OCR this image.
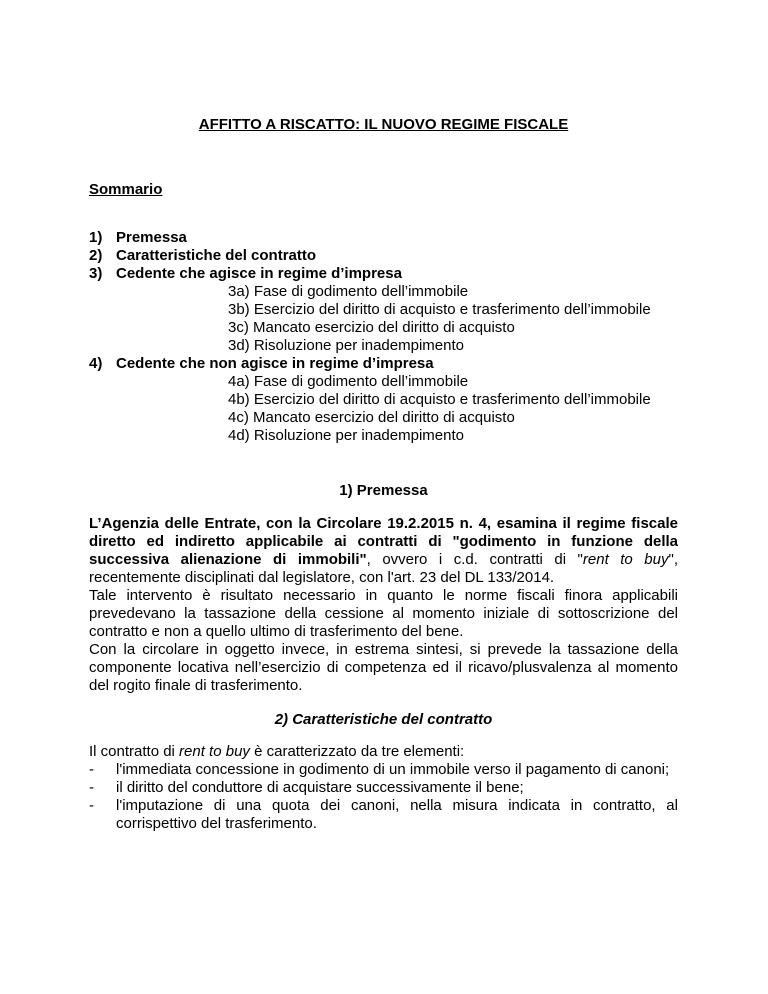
AFFITTO A RISCATTO: IL NUOVO REGIME FISCALE
Sommario
1) Premessa
2) Caratteristiche del contratto
3) Cedente che agisce in regime d’impresa
3a) Fase di godimento dell’immobile
3b) Esercizio del diritto di acquisto e trasferimento dell’immobile
3c) Mancato esercizio del diritto di acquisto
3d) Risoluzione per inadempimento
4) Cedente che non agisce in regime d’impresa
4a) Fase di godimento dell’immobile
4b) Esercizio del diritto di acquisto e trasferimento dell’immobile
4c) Mancato esercizio del diritto di acquisto
4d) Risoluzione per inadempimento
1) Premessa
L’Agenzia delle Entrate, con la Circolare 19.2.2015 n. 4, esamina il regime fiscale diretto ed indiretto applicabile ai contratti di "godimento in funzione della successiva alienazione di immobili", ovvero i c.d. contratti di "rent to buy", recentemente disciplinati dal legislatore, con l'art. 23 del DL 133/2014.
Tale intervento è risultato necessario in quanto le norme fiscali finora applicabili prevedevano la tassazione della cessione al momento iniziale di sottoscrizione del contratto e non a quello ultimo di trasferimento del bene.
Con la circolare in oggetto invece, in estrema sintesi, si prevede la tassazione della componente locativa nell’esercizio di competenza ed il ricavo/plusvalenza al momento del rogito finale di trasferimento.
2) Caratteristiche del contratto
Il contratto di rent to buy è caratterizzato da tre elementi:
-	l'immediata concessione in godimento di un immobile verso il pagamento di canoni;
-	il diritto del conduttore di acquistare successivamente il bene;
-	l'imputazione di una quota dei canoni, nella misura indicata in contratto, al corrispettivo del trasferimento.
